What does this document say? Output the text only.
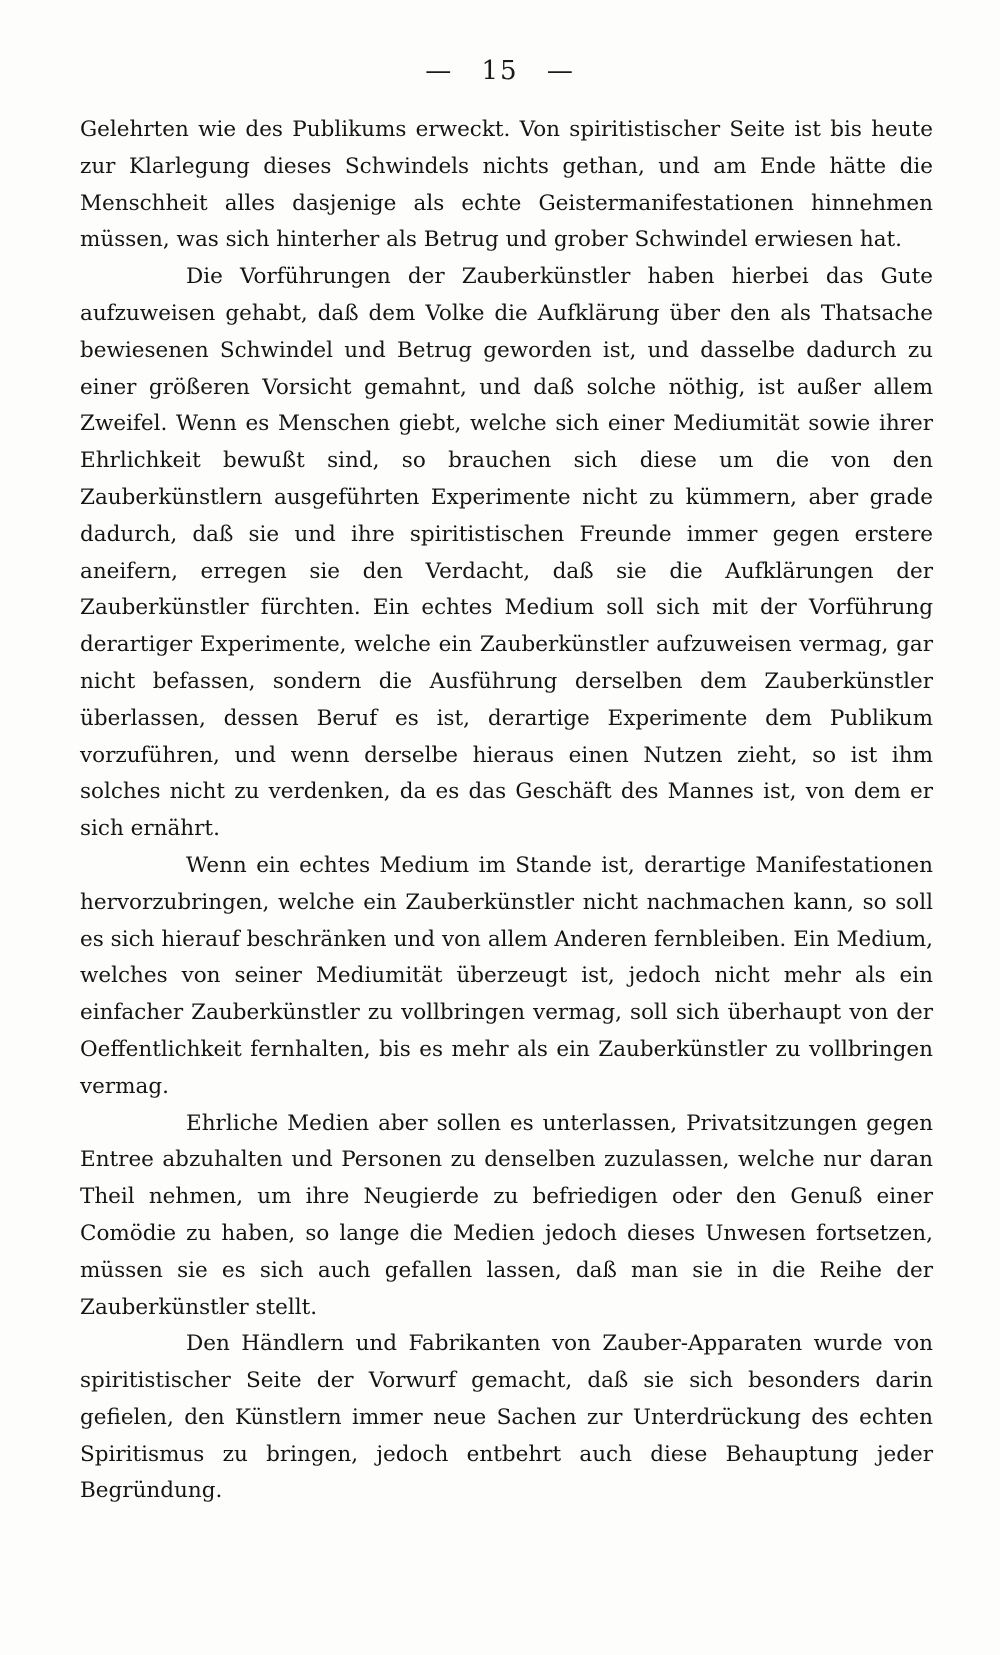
— 15 —

Gelehrten wie des Publikums erweckt. Von spiritistischer Seite ist bis heute zur Klarlegung dieses Schwindels nichts gethan, und am Ende hätte die Menschheit alles dasjenige als echte Geistermanifestationen hinnehmen müssen, was sich hinterher als Betrug und grober Schwindel erwiesen hat.

Die Vorführungen der Zauberkünstler haben hierbei das Gute aufzuweisen gehabt, daß dem Volke die Aufklärung über den als Thatsache bewiesenen Schwindel und Betrug geworden ist, und dasselbe dadurch zu einer größeren Vorsicht gemahnt, und daß solche nöthig, ist außer allem Zweifel. Wenn es Menschen giebt, welche sich einer Mediumität sowie ihrer Ehrlichkeit bewußt sind, so brauchen sich diese um die von den Zauberkünstlern ausgeführten Experimente nicht zu kümmern, aber grade dadurch, daß sie und ihre spiritistischen Freunde immer gegen erstere aneifern, erregen sie den Verdacht, daß sie die Aufklärungen der Zauberkünstler fürchten. Ein echtes Medium soll sich mit der Vorführung derartiger Experimente, welche ein Zauberkünstler aufzuweisen vermag, gar nicht befassen, sondern die Ausführung derselben dem Zauberkünstler überlassen, dessen Beruf es ist, derartige Experimente dem Publikum vorzuführen, und wenn derselbe hieraus einen Nutzen zieht, so ist ihm solches nicht zu verdenken, da es das Geschäft des Mannes ist, von dem er sich ernährt.

Wenn ein echtes Medium im Stande ist, derartige Manifestationen hervorzubringen, welche ein Zauberkünstler nicht nachmachen kann, so soll es sich hierauf beschränken und von allem Anderen fernbleiben. Ein Medium, welches von seiner Mediumität überzeugt ist, jedoch nicht mehr als ein einfacher Zauberkünstler zu vollbringen vermag, soll sich überhaupt von der Oeffentlichkeit fernhalten, bis es mehr als ein Zauberkünstler zu vollbringen vermag.

Ehrliche Medien aber sollen es unterlassen, Privatsitzungen gegen Entree abzuhalten und Personen zu denselben zuzulassen, welche nur daran Theil nehmen, um ihre Neugierde zu befriedigen oder den Genuß einer Comödie zu haben, so lange die Medien jedoch dieses Unwesen fortsetzen, müssen sie es sich auch gefallen lassen, daß man sie in die Reihe der Zauberkünstler stellt.

Den Händlern und Fabrikanten von Zauber-Apparaten wurde von spiritistischer Seite der Vorwurf gemacht, daß sie sich besonders darin gefielen, den Künstlern immer neue Sachen zur Unterdrückung des echten Spiritismus zu bringen, jedoch entbehrt auch diese Behauptung jeder Begründung.
